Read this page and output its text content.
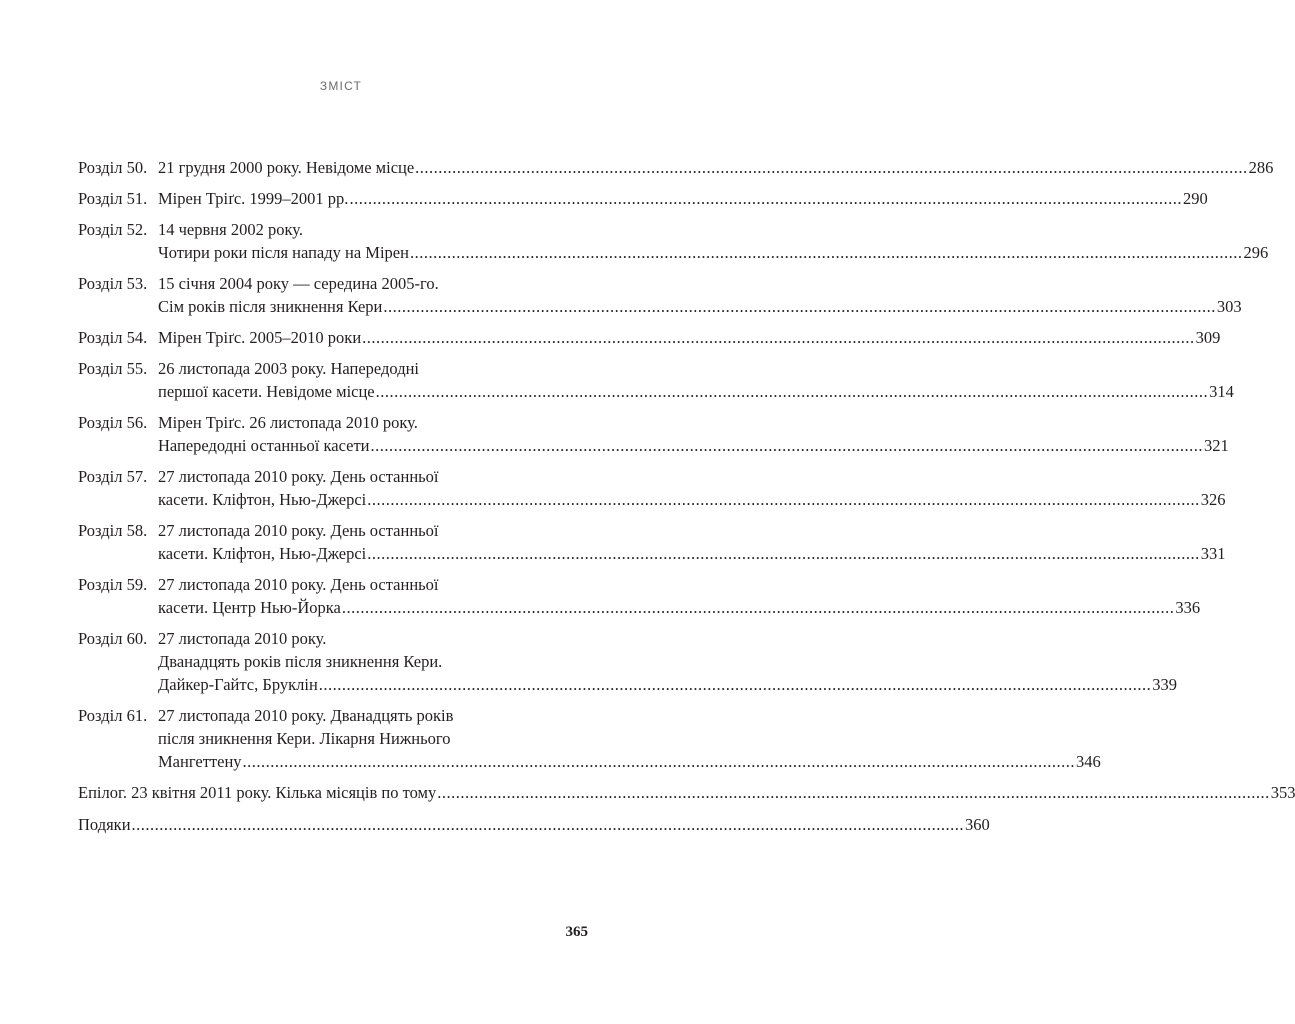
ЗМІСТ
Розділ 50. 21 грудня 2000 року. Невідоме місце .....	286
Розділ 51. Мірен Тріґс. 1999–2001 рр. .....	290
Розділ 52. 14 червня 2002 року.
Чотири роки після нападу на Мірен .....	296
Розділ 53. 15 січня 2004 року — середина 2005-го.
Сім років після зникнення Кери .....	303
Розділ 54. Мірен Тріґс. 2005–2010 роки .....	309
Розділ 55. 26 листопада 2003 року. Напередодні
першої касети. Невідоме місце .....	314
Розділ 56. Мірен Тріґс. 26 листопада 2010 року.
Напередодні останньої касети .....	321
Розділ 57. 27 листопада 2010 року. День останньої
касети. Кліфтон, Нью-Джерсі .....	326
Розділ 58. 27 листопада 2010 року. День останньої
касети. Кліфтон, Нью-Джерсі .....	331
Розділ 59. 27 листопада 2010 року. День останньої
касети. Центр Нью-Йорка .....	336
Розділ 60. 27 листопада 2010 року.
Дванадцять років після зникнення Кери.
Дайкер-Гайтс, Бруклін .....	339
Розділ 61. 27 листопада 2010 року. Дванадцять років
після зникнення Кери. Лікарня Нижнього
Мангеттену .....	346
Епілог. 23 квітня 2011 року. Кілька місяців по тому .....	353
Подяки .....	360
365
